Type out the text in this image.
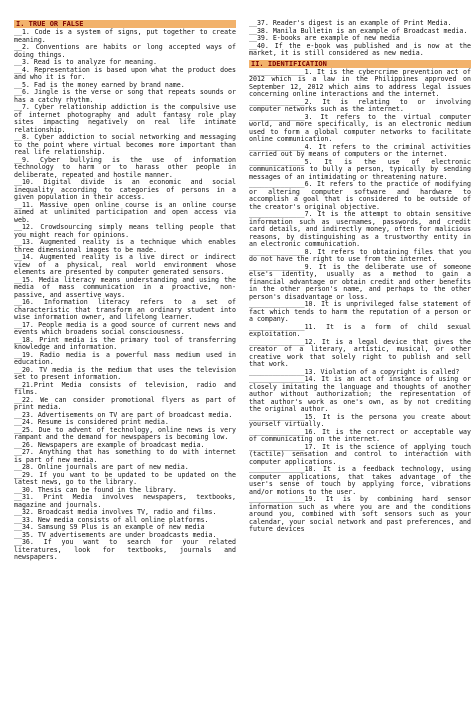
I. TRUE OR FALSE

__1. Code is a system of signs, put together to create meaning.

__2. Conventions are habits or long accepted ways of doing things.

__3. Read is to analyze for meaning.

__4. Representation is based upon what the product does and who it is for.

__5. Fad is the money earned by brand name.

__6. Jingle is the verse or song that repeats sounds or has a catchy rhythm.

__7. Cyber relationship addiction is the compulsive use of internet photography and adult fantasy role play sites impacting negatively on real life intimate relationship.

__8. Cyber addiction to social networking and messaging to the point where virtual becomes more important than real life relationship.

__9. Cyber bullying is the use of information technology to harm or to harass other people in deliberate, repeated and hostile manner.

__10. Digital divide is an economic and social inequality according to categories of persons in a given population in their access.

__11. Massive open online course is an online course aimed at unlimited participation and open access via web.

__12. Crowdsourcing simply means telling people that you might reach for opinions.

__13. Augmented reality is a technique which enables three dimensional images to be made.

__14. Augmented reality is a live direct or indirect view of a physical, real world environment whose elements are presented by computer generated sensors.

__15. Media literacy means understanding and using the media of mass communication in a proactive, non-passive, and assertive ways.

__16. Information literacy refers to a set of characteristic that transform an ordinary student into wise information owner, and lifelong learner.

__17. People media is a good source of current news and events which broadens social consciousness.

__18. Print media is the primary tool of transferring knowledge and information.

__19. Radio media is a powerful mass medium used in education.

__20. TV media is the medium that uses the television set to present information.

__21.Print Media consists of television, radio and films.

__22. We can consider promotional flyers as part of print media.

__23. Advertisements on TV are part of broadcast media.

__24. Resume is considered print media.

__25. Due to advent of technology, online news is very rampant and the demand for newspapers is becoming low.

__26. Newspapers are example of broadcast media.

__27. Anything that has something to do with internet is part of new media.

__28. Online journals are part of new media.

__29. If you want to be updated to be updated on the latest news, go to the library.

__30. Thesis can be found in the library.

__31. Print Media involves newspapers, textbooks, magazine and journals.

__32. Broadcast media involves TV, radio and films.

__33. New media consists of all online platforms.

__34. Samsung S9 Plus is an example of new media

__35. TV advertisements are under broadcasts media.

__36. If you want to search for your related literatures, look for textbooks, journals and newspapers.

__37. Reader's digest is an example of Print Media.

__38. Manila Bulletin is an example of Broadcast media.

__39. E-books are example of new media

__40. If the e-book was published and is now at the market, it is still considered as new media.

II. IDENTIFICATION

______________1. It is the cybercrime prevention act of 2012 which is a law in the Philippines approved on September 12, 2012 which aims to address legal issues concerning online interactions and the internet.

______________2. It is relating to or involving computer networks such as the internet.

______________3. It refers to the virtual computer world, and more specifically, is an electronic medium used to form a global computer networks to facilitate online communication.

______________4. It refers to the criminal activities carried out by means of computers or the internet.

______________5. It is the use of electronic communications to bully a person, typically by sending messages of an intimidating or threatening nature.

______________6. It refers to the practice of modifying or altering computer software and hardware to accomplish a goal that is considered to be outside of the creator's original objective.

______________7. It is the attempt to obtain sensitive information such as usernames, passwords, and credit card details, and indirectly money, often for malicious reasons, by distinguishing as a trustworthy entity in an electronic communication.

______________8. It refers to obtaining files that you do not have the right to use from the internet.

______________9. It is the deliberate use of someone else's identity, usually as a method to gain a financial advantage or obtain credit and other benefits in the other person's name, and perhaps to the other person's disadvantage or loss.

______________10. It is unprivileged false statement of fact which tends to harm the reputation of a person or a company.

______________11. It is a form of child sexual exploitation.

______________12. It is a legal device that gives the creator of a literary, artistic, musical, or other creative work that solely right to publish and sell that work.

______________13. Violation of a copyright is called?

______________14. It is an act of instance of using or closely imitating the language and thoughts of another author without authorization; the representation of that author's work as one's own, as by not crediting the original author.

______________15. It is the persona you create about yourself virtually.

______________16. It is the correct or acceptable way of communicating on the internet.

______________17. It is the science of applying touch (tactile) sensation and control to interaction with computer applications.

______________18. It is a feedback technology, using computer applications, that takes advantage of the user's sense of touch by applying force, vibrations and/or motions to the user.

______________19. It is by combining hard sensor information such as where you are and the conditions around you, combined with soft sensors such as your calendar, your social network and past preferences, and future devices
